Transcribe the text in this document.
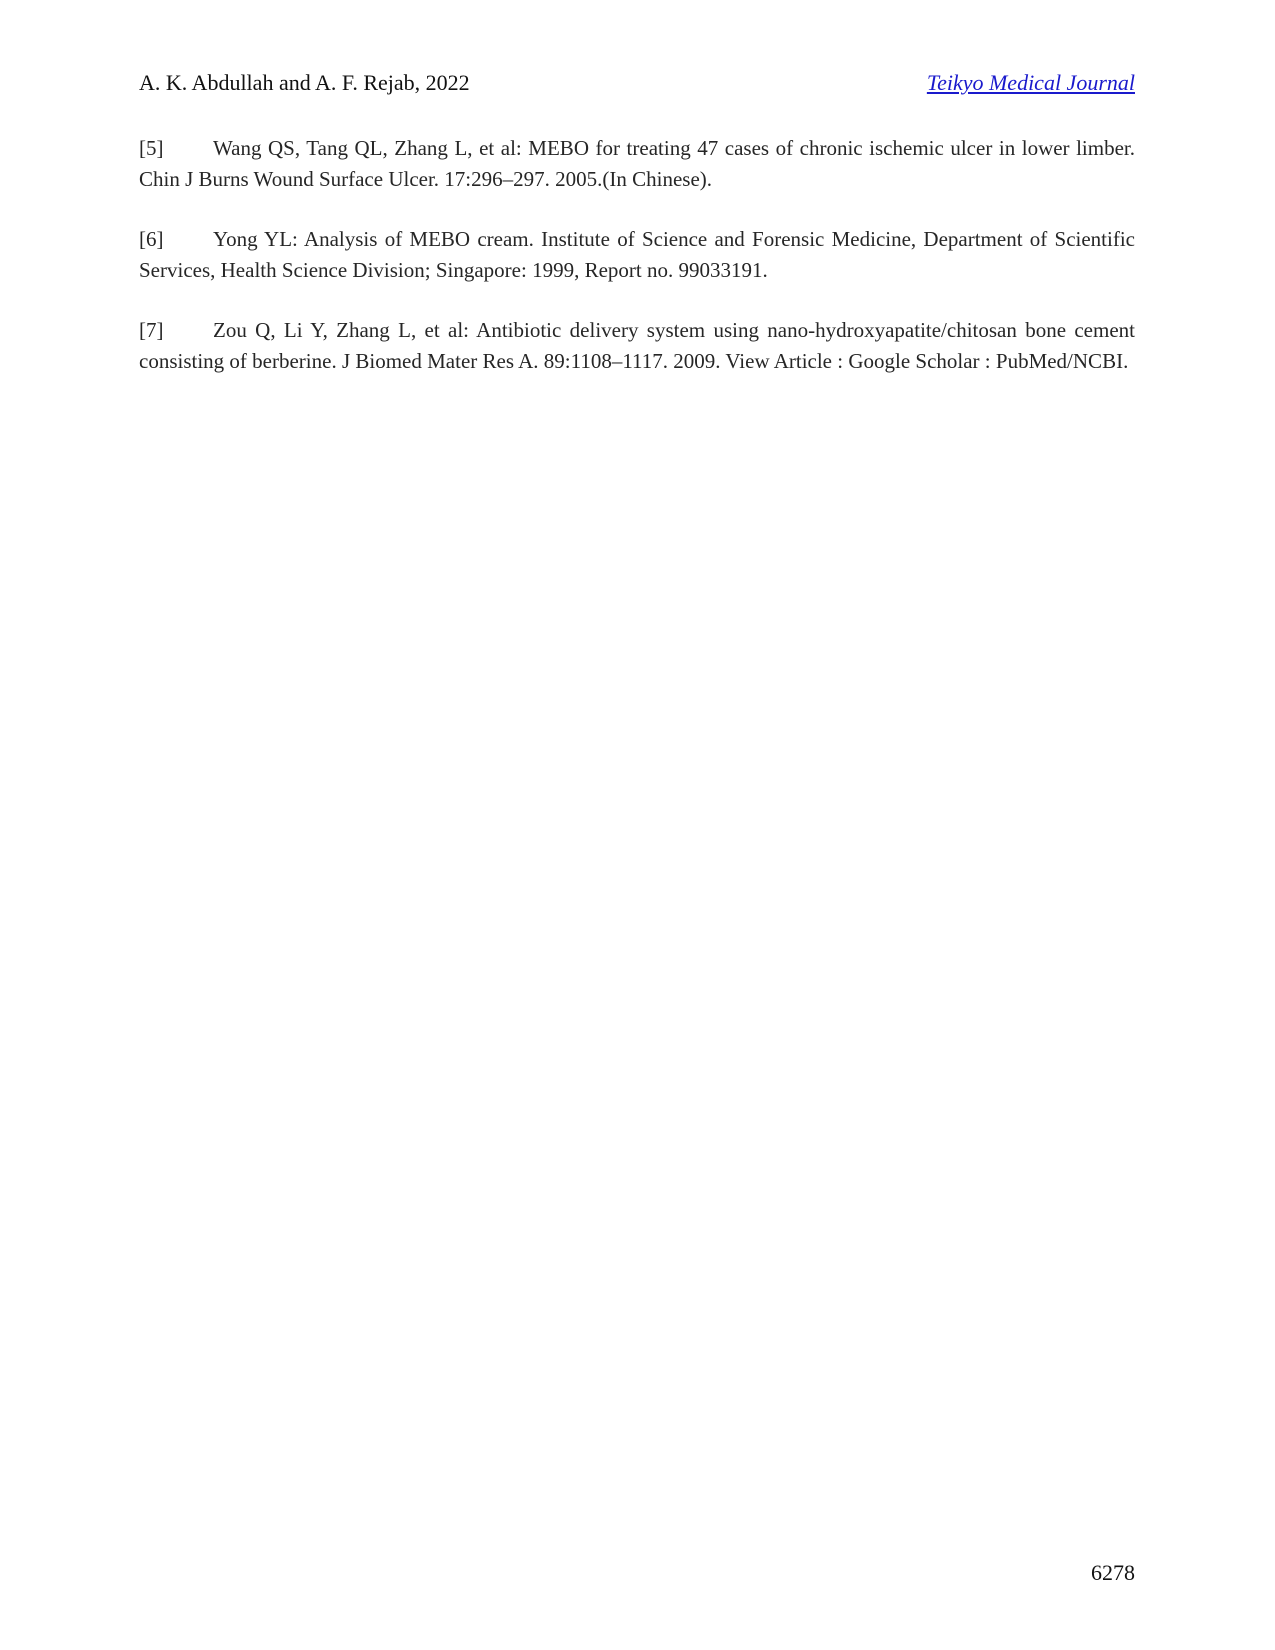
A. K. Abdullah and A. F. Rejab, 2022	Teikyo Medical Journal

[5] Wang QS, Tang QL, Zhang L, et al: MEBO for treating 47 cases of chronic ischemic ulcer in lower limber. Chin J Burns Wound Surface Ulcer. 17:296–297. 2005.(In Chinese).

[6] Yong YL: Analysis of MEBO cream. Institute of Science and Forensic Medicine, Department of Scientific Services, Health Science Division; Singapore: 1999, Report no. 99033191.

[7] Zou Q, Li Y, Zhang L, et al: Antibiotic delivery system using nano-hydroxyapatite/chitosan bone cement consisting of berberine. J Biomed Mater Res A. 89:1108–1117. 2009. View Article : Google Scholar : PubMed/NCBI.

6278
